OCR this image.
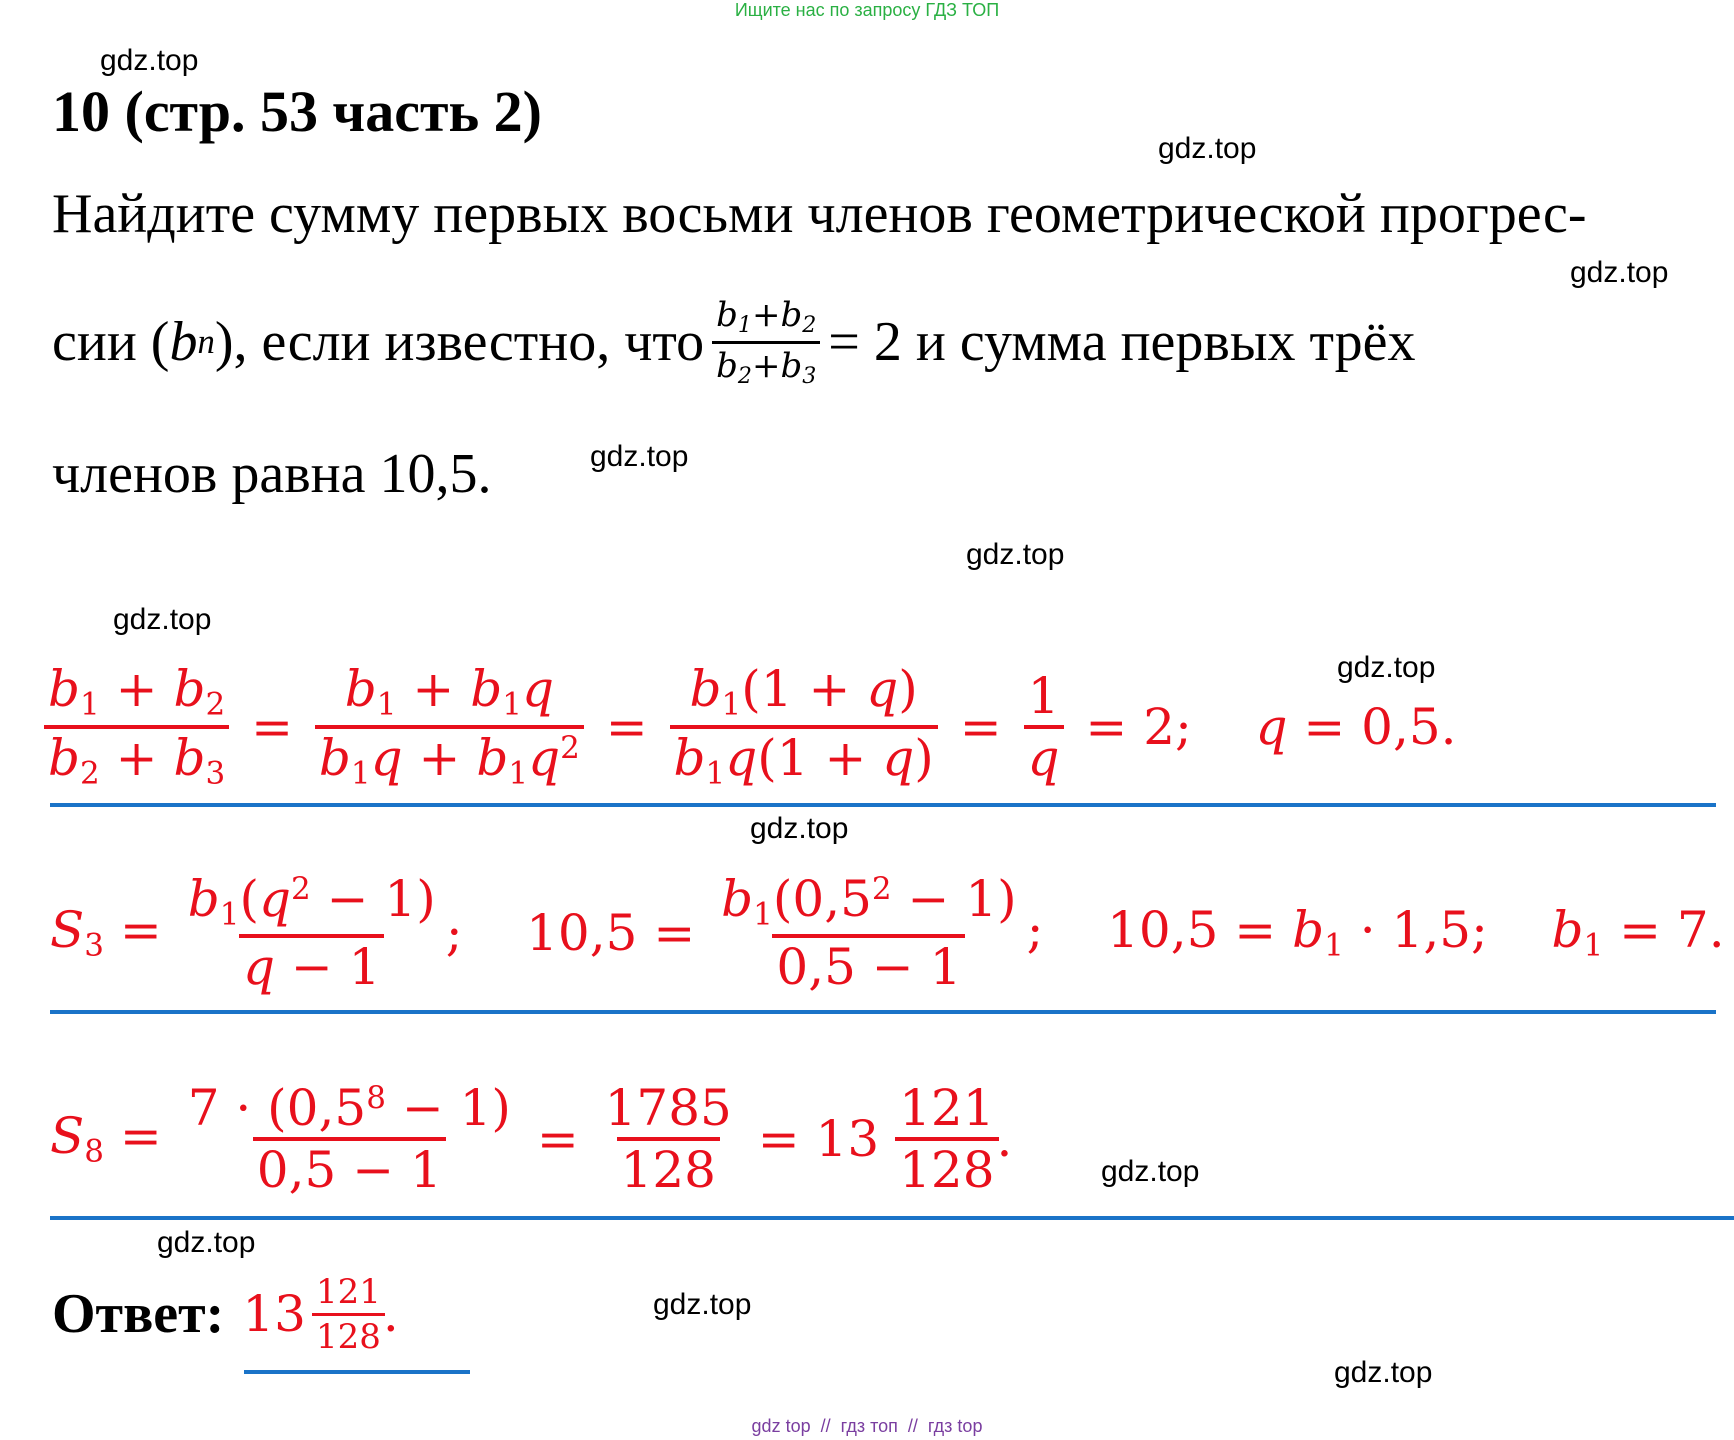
Ищите нас по запросу ГДЗ ТОП
gdz.top
gdz.top
gdz.top
gdz.top
gdz.top
gdz.top
gdz.top
gdz.top
gdz.top
gdz.top
gdz.top
gdz.top
10 (стр. 53 часть 2)
Найдите сумму первых восьми членов геометрической прогрес-
сии ( b n ), если известно, что $\frac{b_1+b_2}{b_2+b_3} = 2$ и сумма первых трёх
членов равна 10,5.
$\frac{b_1 + b_2}{b_2 + b_3} = \frac{b_1 + b_1q}{b_1q + b_1q^2} = \frac{b_1(1 + q)}{b_1q(1 + q)} = \frac{1}{q} = 2$;    q = 0,5.
$S_3 = \frac{b_1(q^2 - 1)}{q - 1}$ ;    $10,5 = \frac{b_1(0,5^2 - 1)}{0,5 - 1}$ ;    $10,5 = b_1 \cdot 1,5$;    $b_1 = 7$.
$S_8 = \frac{7 \cdot (0,5^8 - 1)}{0,5 - 1} = \frac{1785}{128} = 13 \frac{121}{128}$
.
Ответ: $13 \frac{121}{128}$
.
gdz top  //  гдз топ  //  гдз top
